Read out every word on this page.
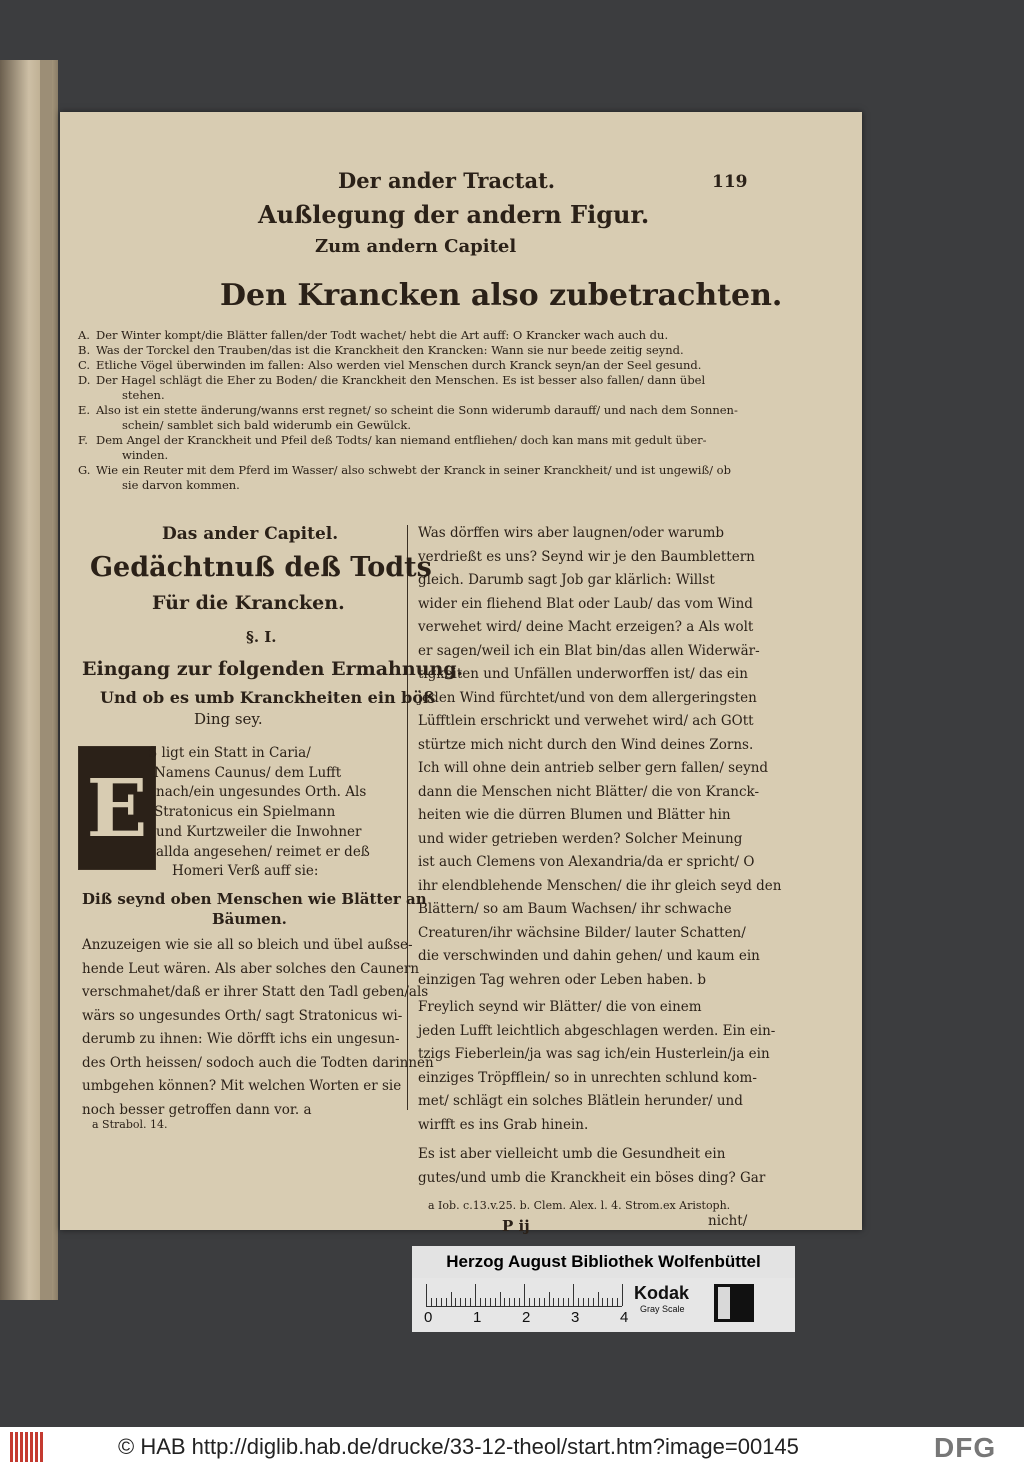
Der ander Tractat.	119
Außlegung der andern Figur.
Zum andern Capitel
Den Krancken also zubetrachten.
A. Der Winter kompt/die Blätter fallen/der Todt wachet/ hebt die Art auff: O Krancker wach auch du.
B. Was der Torckel den Trauben/das ist die Kranckheit den Krancken: Wann sie nur beede zeitig seynd.
C. Etliche Vögel überwinden im fallen: Also werden viel Menschen durch Kranck seyn/an der Seel gesund.
D. Der Hagel schlägt die Eher zu Boden/ die Kranckheit den Menschen. Es ist besser also fallen/ dann übel
stehen.
E. Also ist ein stette änderung/wanns erst regnet/ so scheint die Sonn widerumb darauff/ und nach dem Sonnen-
schein/ samblet sich bald widerumb ein Gewülck.
F. Dem Angel der Kranckheit und Pfeil deß Todts/ kan niemand entfliehen/ doch kan mans mit gedult über-
winden.
G. Wie ein Reuter mit dem Pferd im Wasser/ also schwebt der Kranck in seiner Kranckheit/ und ist ungewiß/ ob
sie darvon kommen.
Das ander Capitel.
Gedächtnuß deß Todts
Für die Krancken.
§. I.
Eingang zur folgenden Ermahnung.
Und ob es umb Kranckheiten ein böß
Ding sey.
E
S ligt ein Statt in Caria/
Namens Caunus/ dem Lufft
nach/ein ungesundes Orth. Als
Stratonicus ein Spielmann
und Kurtzweiler die Inwohner
allda angesehen/ reimet er deß
Homeri Verß auff sie:
Diß seynd oben Menschen wie Blätter an
Bäumen.
Anzuzeigen wie sie all so bleich und übel außse-
hende Leut wären. Als aber solches den Caunern
verschmahet/daß er ihrer Statt den Tadl geben/als
wärs so ungesundes Orth/ sagt Stratonicus wi-
derumb zu ihnen: Wie dörfft ichs ein ungesun-
des Orth heissen/ sodoch auch die Todten darinnen
umbgehen können? Mit welchen Worten er sie
noch besser getroffen dann vor. a
a Strabol. 14.
Was dörffen wirs aber laugnen/oder warumb
verdrießt es uns? Seynd wir je den Baumblettern
gleich. Darumb sagt Job gar klärlich: Willst
wider ein fliehend Blat oder Laub/ das vom Wind
verwehet wird/ deine Macht erzeigen? a Als wolt
er sagen/weil ich ein Blat bin/das allen Widerwär-
tigkeiten und Unfällen underworffen ist/ das ein
jeden Wind fürchtet/und von dem allergeringsten
Lüfftlein erschrickt und verwehet wird/ ach GOtt
stürtze mich nicht durch den Wind deines Zorns.
Ich will ohne dein antrieb selber gern fallen/ seynd
dann die Menschen nicht Blätter/ die von Kranck-
heiten wie die dürren Blumen und Blätter hin
und wider getrieben werden? Solcher Meinung
ist auch Clemens von Alexandria/da er spricht/ O
ihr elendblehende Menschen/ die ihr gleich seyd den
Blättern/ so am Baum Wachsen/ ihr schwache
Creaturen/ihr wächsine Bilder/ lauter Schatten/
die verschwinden und dahin gehen/ und kaum ein
einzigen Tag wehren oder Leben haben. b
Freylich seynd wir Blätter/ die von einem
jeden Lufft leichtlich abgeschlagen werden. Ein ein-
tzigs Fieberlein/ja was sag ich/ein Husterlein/ja ein
einziges Tröpfflein/ so in unrechten schlund kom-
met/ schlägt ein solches Blätlein herunder/ und
wirfft es ins Grab hinein.
Es ist aber vielleicht umb die Gesundheit ein
gutes/und umb die Kranckheit ein böses ding? Gar
a Iob. c.13.v.25. b. Clem. Alex. l. 4. Strom.ex Aristoph.
P ij	nicht/
Herzog August Bibliothek Wolfenbüttel
0	1	2	3	4
Kodak
Gray Scale
© HAB http://diglib.hab.de/drucke/33-12-theol/start.htm?image=00145	DFG
